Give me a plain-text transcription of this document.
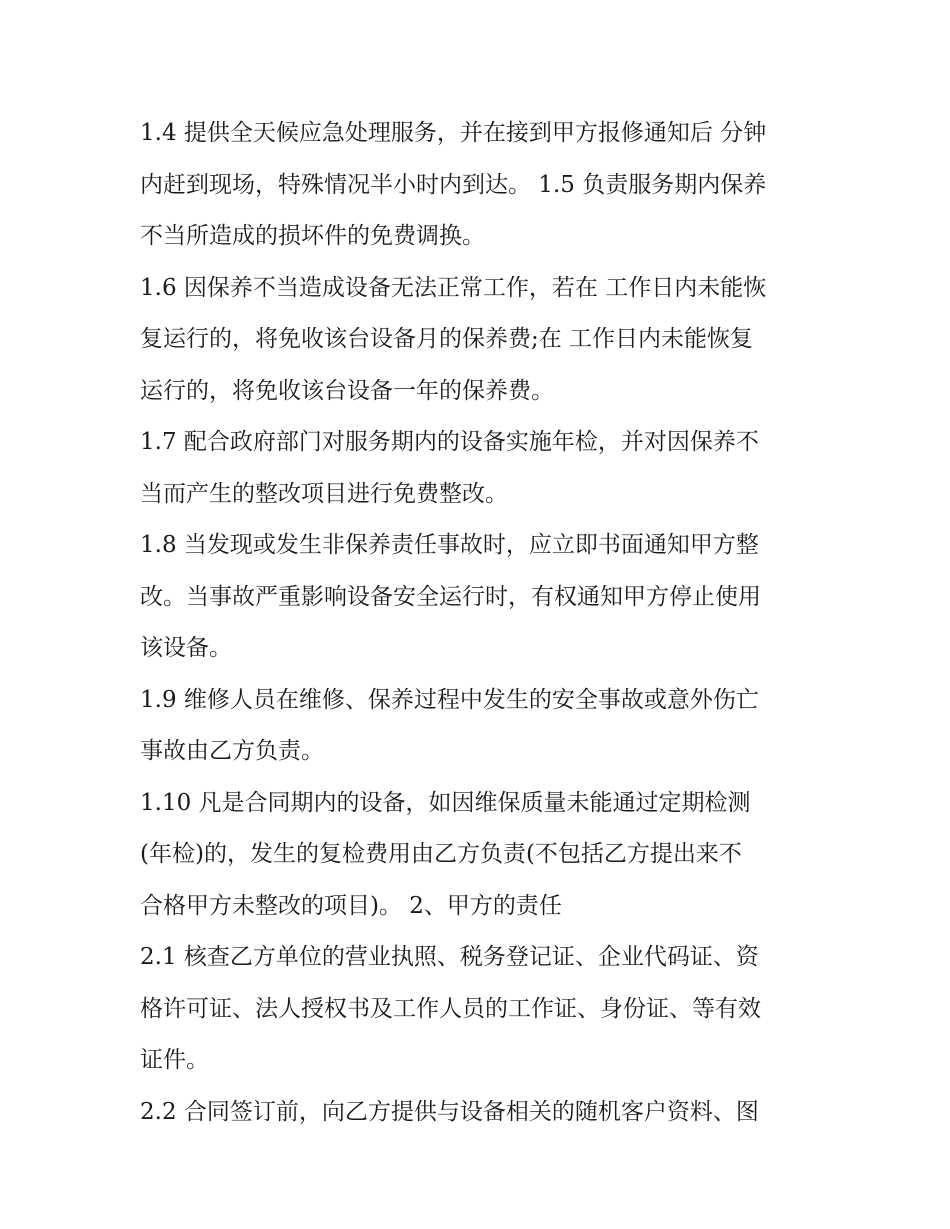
1.4 提供全天候应急处理服务，并在接到甲方报修通知后 分钟
内赶到现场，特殊情况半小时内到达。 1.5 负责服务期内保养
不当所造成的损坏件的免费调换。

1.6 因保养不当造成设备无法正常工作，若在 工作日内未能恢
复运行的，将免收该台设备月的保养费;在 工作日内未能恢复
运行的，将免收该台设备一年的保养费。

1.7 配合政府部门对服务期内的设备实施年检，并对因保养不
当而产生的整改项目进行免费整改。

1.8 当发现或发生非保养责任事故时，应立即书面通知甲方整
改。当事故严重影响设备安全运行时，有权通知甲方停止使用
该设备。

1.9 维修人员在维修、保养过程中发生的安全事故或意外伤亡
事故由乙方负责。

1.10 凡是合同期内的设备，如因维保质量未能通过定期检测
(年检)的，发生的复检费用由乙方负责(不包括乙方提出来不
合格甲方未整改的项目)。 2、甲方的责任

2.1 核查乙方单位的营业执照、税务登记证、企业代码证、资
格许可证、法人授权书及工作人员的工作证、身份证、等有效
证件。

2.2 合同签订前，向乙方提供与设备相关的随机客户资料、图
